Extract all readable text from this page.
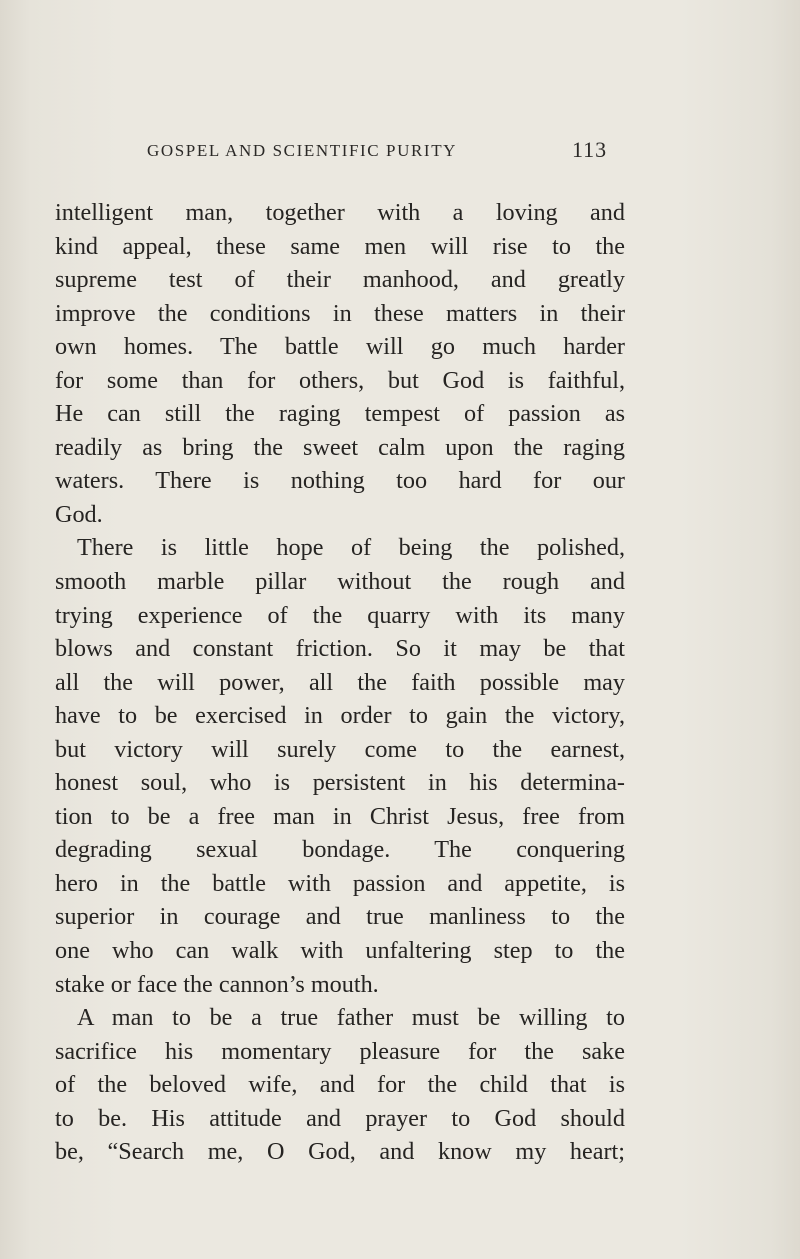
GOSPEL AND SCIENTIFIC PURITY	113
intelligent man, together with a loving and
kind appeal, these same men will rise to the
supreme test of their manhood, and greatly
improve the conditions in these matters in their
own homes. The battle will go much harder
for some than for others, but God is faithful,
He can still the raging tempest of passion as
readily as bring the sweet calm upon the raging
waters. There is nothing too hard for our
God.
There is little hope of being the polished,
smooth marble pillar without the rough and
trying experience of the quarry with its many
blows and constant friction. So it may be that
all the will power, all the faith possible may
have to be exercised in order to gain the victory,
but victory will surely come to the earnest,
honest soul, who is persistent in his determina-
tion to be a free man in Christ Jesus, free from
degrading sexual bondage. The conquering
hero in the battle with passion and appetite, is
superior in courage and true manliness to the
one who can walk with unfaltering step to the
stake or face the cannon’s mouth.
A man to be a true father must be willing to
sacrifice his momentary pleasure for the sake
of the beloved wife, and for the child that is
to be. His attitude and prayer to God should
be, “Search me, O God, and know my heart;
